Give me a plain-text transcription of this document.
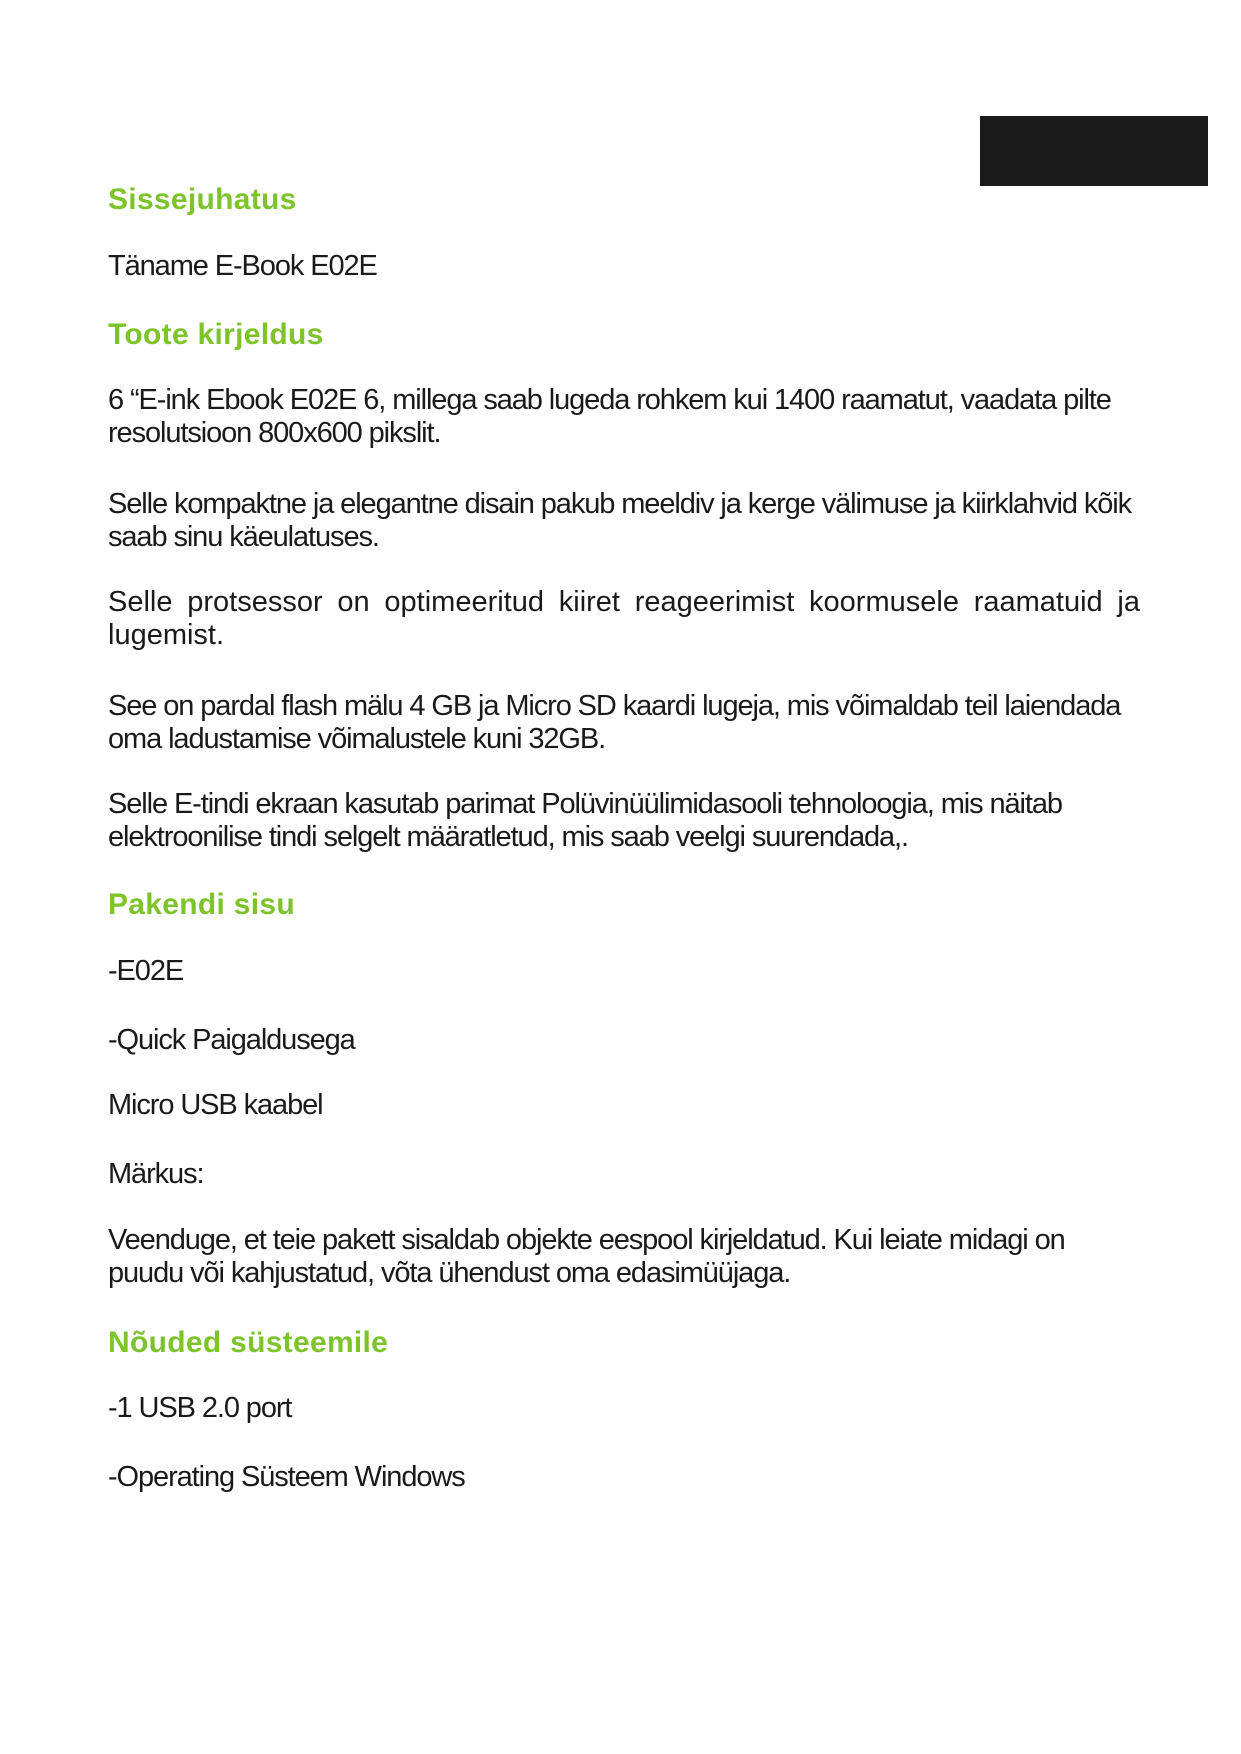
Sissejuhatus
Täname E-Book E02E
Toote kirjeldus
6 “E-ink Ebook E02E 6, millega saab lugeda rohkem kui 1400 raamatut, vaadata pilte resolutsioon 800x600 pikslit.
Selle kompaktne ja elegantne disain pakub meeldiv ja kerge välimuse ja kiirklahvid kõik saab sinu käeulatuses.
Selle protsessor on optimeeritud kiiret reageerimist koormusele raamatuid ja lugemist.
See on pardal flash mälu 4 GB ja Micro SD kaardi lugeja, mis võimaldab teil laiendada oma ladustamise võimalustele kuni 32GB.
Selle E-tindi ekraan kasutab parimat Polüvinüülimidasooli tehnoloogia, mis näitab elektroonilise tindi selgelt määratletud, mis saab veelgi suurendada,.
Pakendi sisu
-E02E
-Quick Paigaldusega
Micro USB kaabel
Märkus:
Veenduge, et teie pakett sisaldab objekte eespool kirjeldatud. Kui leiate midagi on puudu või kahjustatud, võta ühendust oma edasimüüjaga.
Nõuded süsteemile
-1 USB 2.0 port
-Operating Süsteem Windows
